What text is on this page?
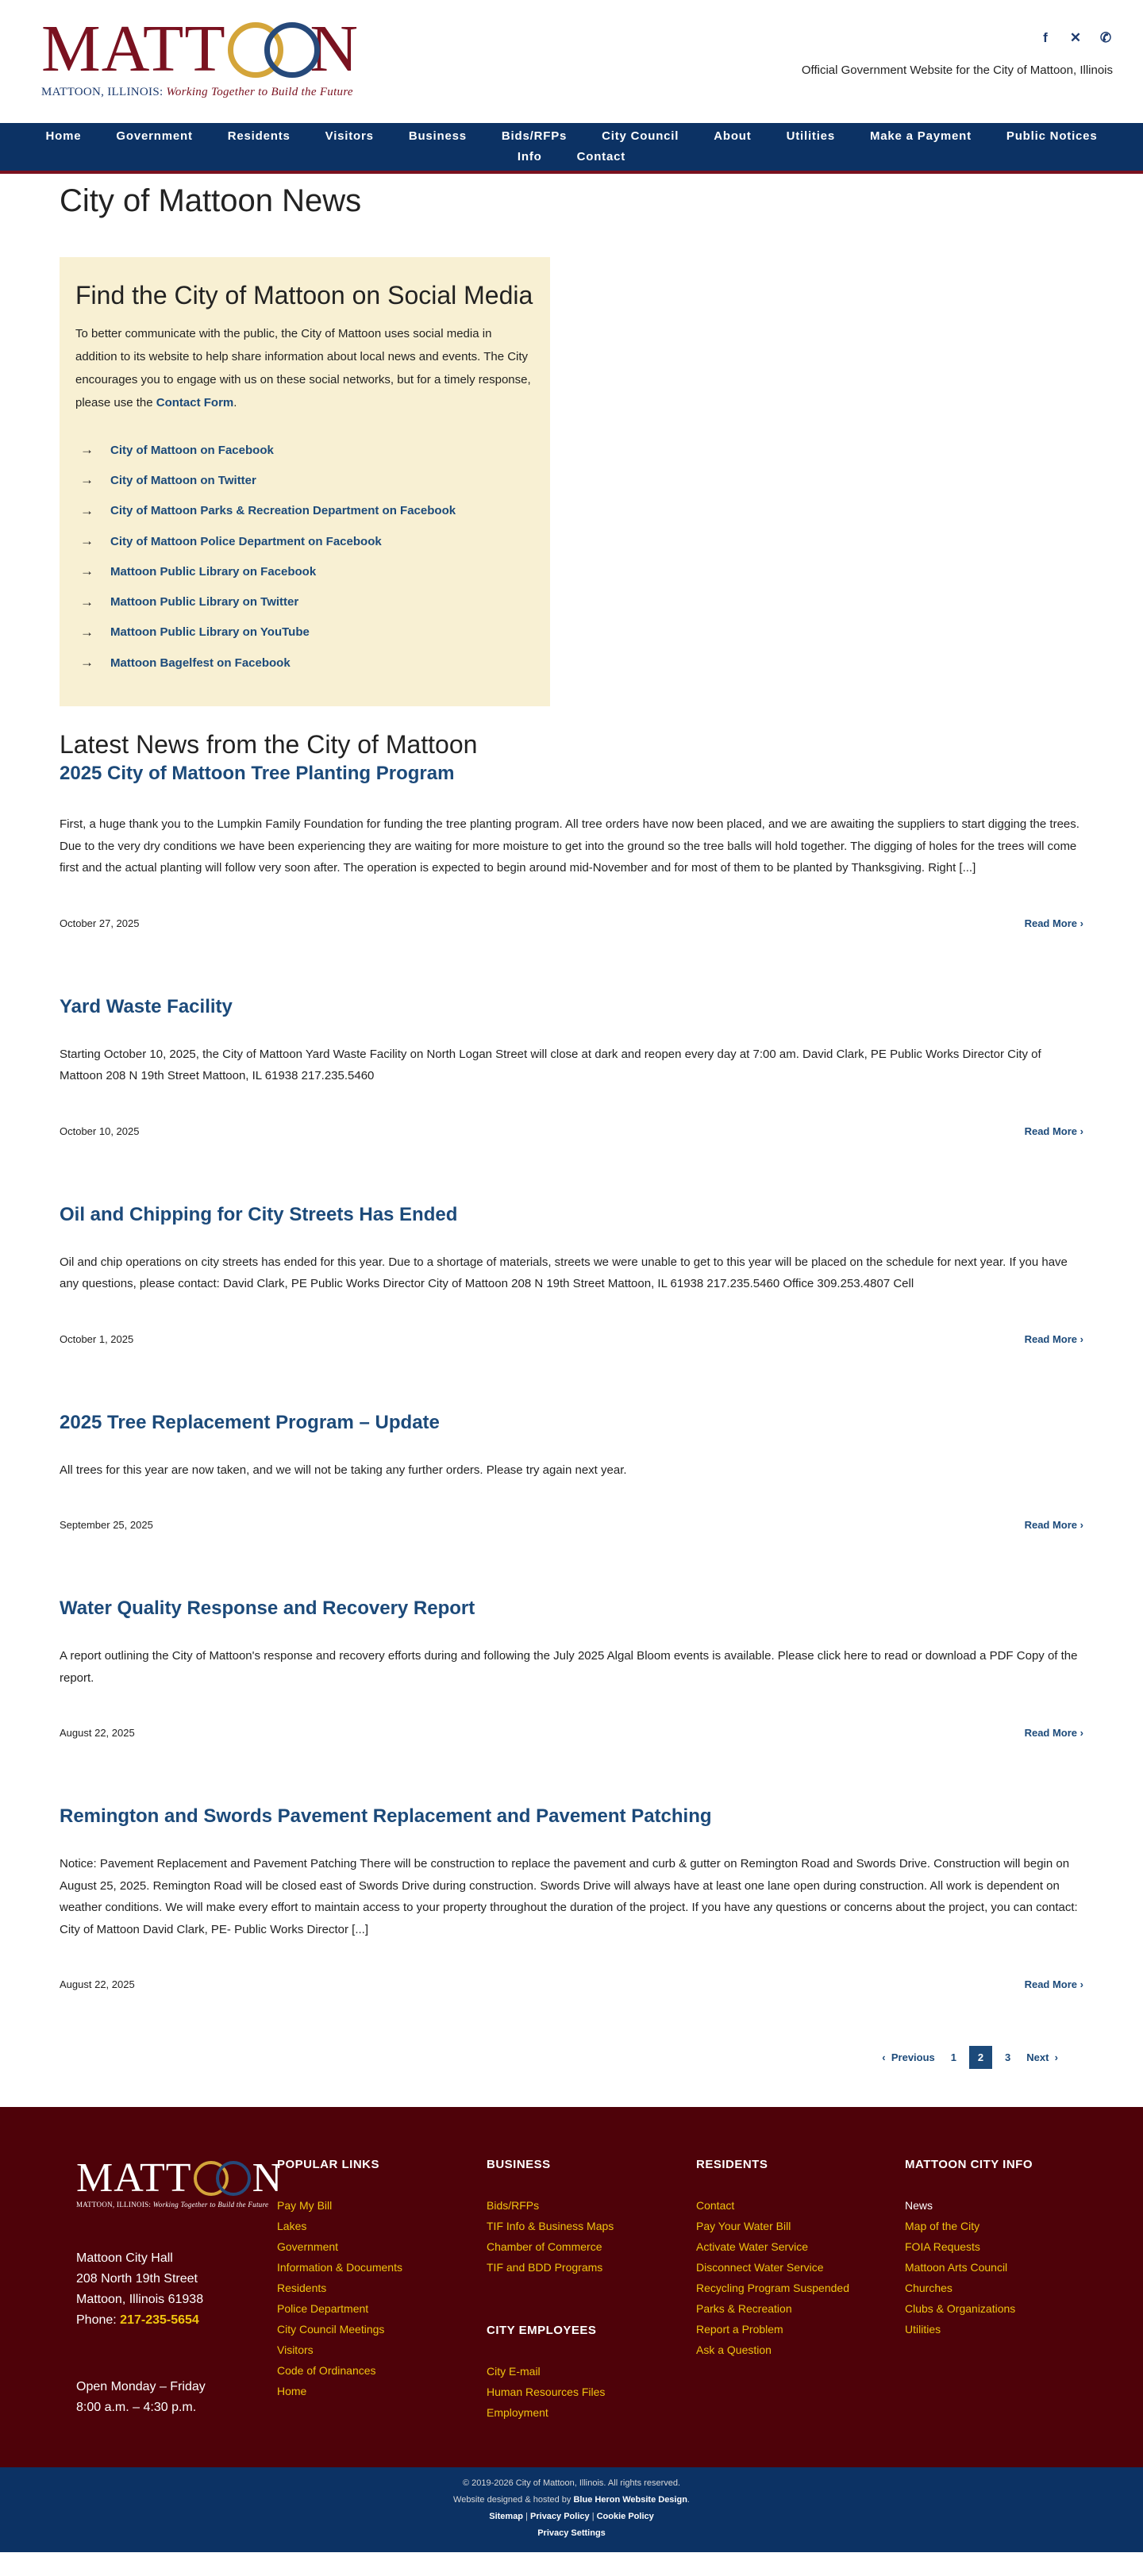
MATT N
MATTOON, ILLINOIS: Working Together to Build the Future
f	✕ ✆
Official Government Website for the City of Mattoon, Illinois
Home	Government	Residents	Visitors	Business	Bids/RFPs	City Council	About	Utilities	Make a Payment	Public Notices
Info	Contact
City of Mattoon News
Find the City of Mattoon on Social Media

To better communicate with the public, the City of Mattoon uses social media in addition to its website to help share information about local news and events. The City encourages you to engage with us on these social networks, but for a timely response, please use the Contact Form.

→ City of Mattoon on Facebook
→ City of Mattoon on Twitter
→ City of Mattoon Parks & Recreation Department on Facebook
→ City of Mattoon Police Department on Facebook
→ Mattoon Public Library on Facebook
→ Mattoon Public Library on Twitter
→ Mattoon Public Library on YouTube
→ Mattoon Bagelfest on Facebook
Latest News from the City of Mattoon
2025 City of Mattoon Tree Planting Program

First, a huge thank you to the Lumpkin Family Foundation for funding the tree planting program. All tree orders have now been placed, and we are awaiting the suppliers to start digging the trees. Due to the very dry conditions we have been experiencing they are waiting for more moisture to get into the ground so the tree balls will hold together. The digging of holes for the trees will come first and the actual planting will follow very soon after. The operation is expected to begin around mid-November and for most of them to be planted by Thanksgiving. Right [...]

October 27, 2025	Read More ›
Yard Waste Facility

Starting October 10, 2025, the City of Mattoon Yard Waste Facility on North Logan Street will close at dark and reopen every day at 7:00 am. David Clark, PE Public Works Director City of Mattoon 208 N 19th Street Mattoon, IL 61938 217.235.5460

October 10, 2025	Read More ›
Oil and Chipping for City Streets Has Ended

Oil and chip operations on city streets has ended for this year. Due to a shortage of materials, streets we were unable to get to this year will be placed on the schedule for next year. If you have any questions, please contact: David Clark, PE Public Works Director City of Mattoon 208 N 19th Street Mattoon, IL 61938 217.235.5460 Office 309.253.4807 Cell

October 1, 2025	Read More ›
2025 Tree Replacement Program – Update

All trees for this year are now taken, and we will not be taking any further orders. Please try again next year.

September 25, 2025	Read More ›
Water Quality Response and Recovery Report

A report outlining the City of Mattoon's response and recovery efforts during and following the July 2025 Algal Bloom events is available. Please click here to read or download a PDF Copy of the report.

August 22, 2025	Read More ›
Remington and Swords Pavement Replacement and Pavement Patching

Notice: Pavement Replacement and Pavement Patching There will be construction to replace the pavement and curb & gutter on Remington Road and Swords Drive. Construction will begin on August 25, 2025. Remington Road will be closed east of Swords Drive during construction. Swords Drive will always have at least one lane open during construction. All work is dependent on weather conditions. We will make every effort to maintain access to your property throughout the duration of the project. If you have any questions or concerns about the project, you can contact: City of Mattoon David Clark, PE- Public Works Director [...]

August 22, 2025	Read More ›
‹  Previous	1	2	3	Next  ›
MATT N
MATTOON, ILLINOIS: Working Together to Build the Future
Mattoon City Hall
208 North 19th Street
Mattoon, Illinois 61938
Phone: 217-235-5654
Open Monday – Friday
8:00 a.m. – 4:30 p.m.
POPULAR LINKS
Pay My Bill
Lakes
Government
Information & Documents
Residents
Police Department
City Council Meetings
Visitors
Code of Ordinances
Home
BUSINESS
Bids/RFPs
TIF Info & Business Maps
Chamber of Commerce
TIF and BDD Programs
CITY EMPLOYEES
City E-mail
Human Resources Files
Employment
RESIDENTS
Contact
Pay Your Water Bill
Activate Water Service
Disconnect Water Service
Recycling Program Suspended
Parks & Recreation
Report a Problem
Ask a Question
MATTOON CITY INFO
News
Map of the City
FOIA Requests
Mattoon Arts Council
Churches
Clubs & Organizations
Utilities
© 2019-2026 City of Mattoon, Illinois. All rights reserved.
Website designed & hosted by Blue Heron Website Design.
Sitemap | Privacy Policy | Cookie Policy
Privacy Settings
